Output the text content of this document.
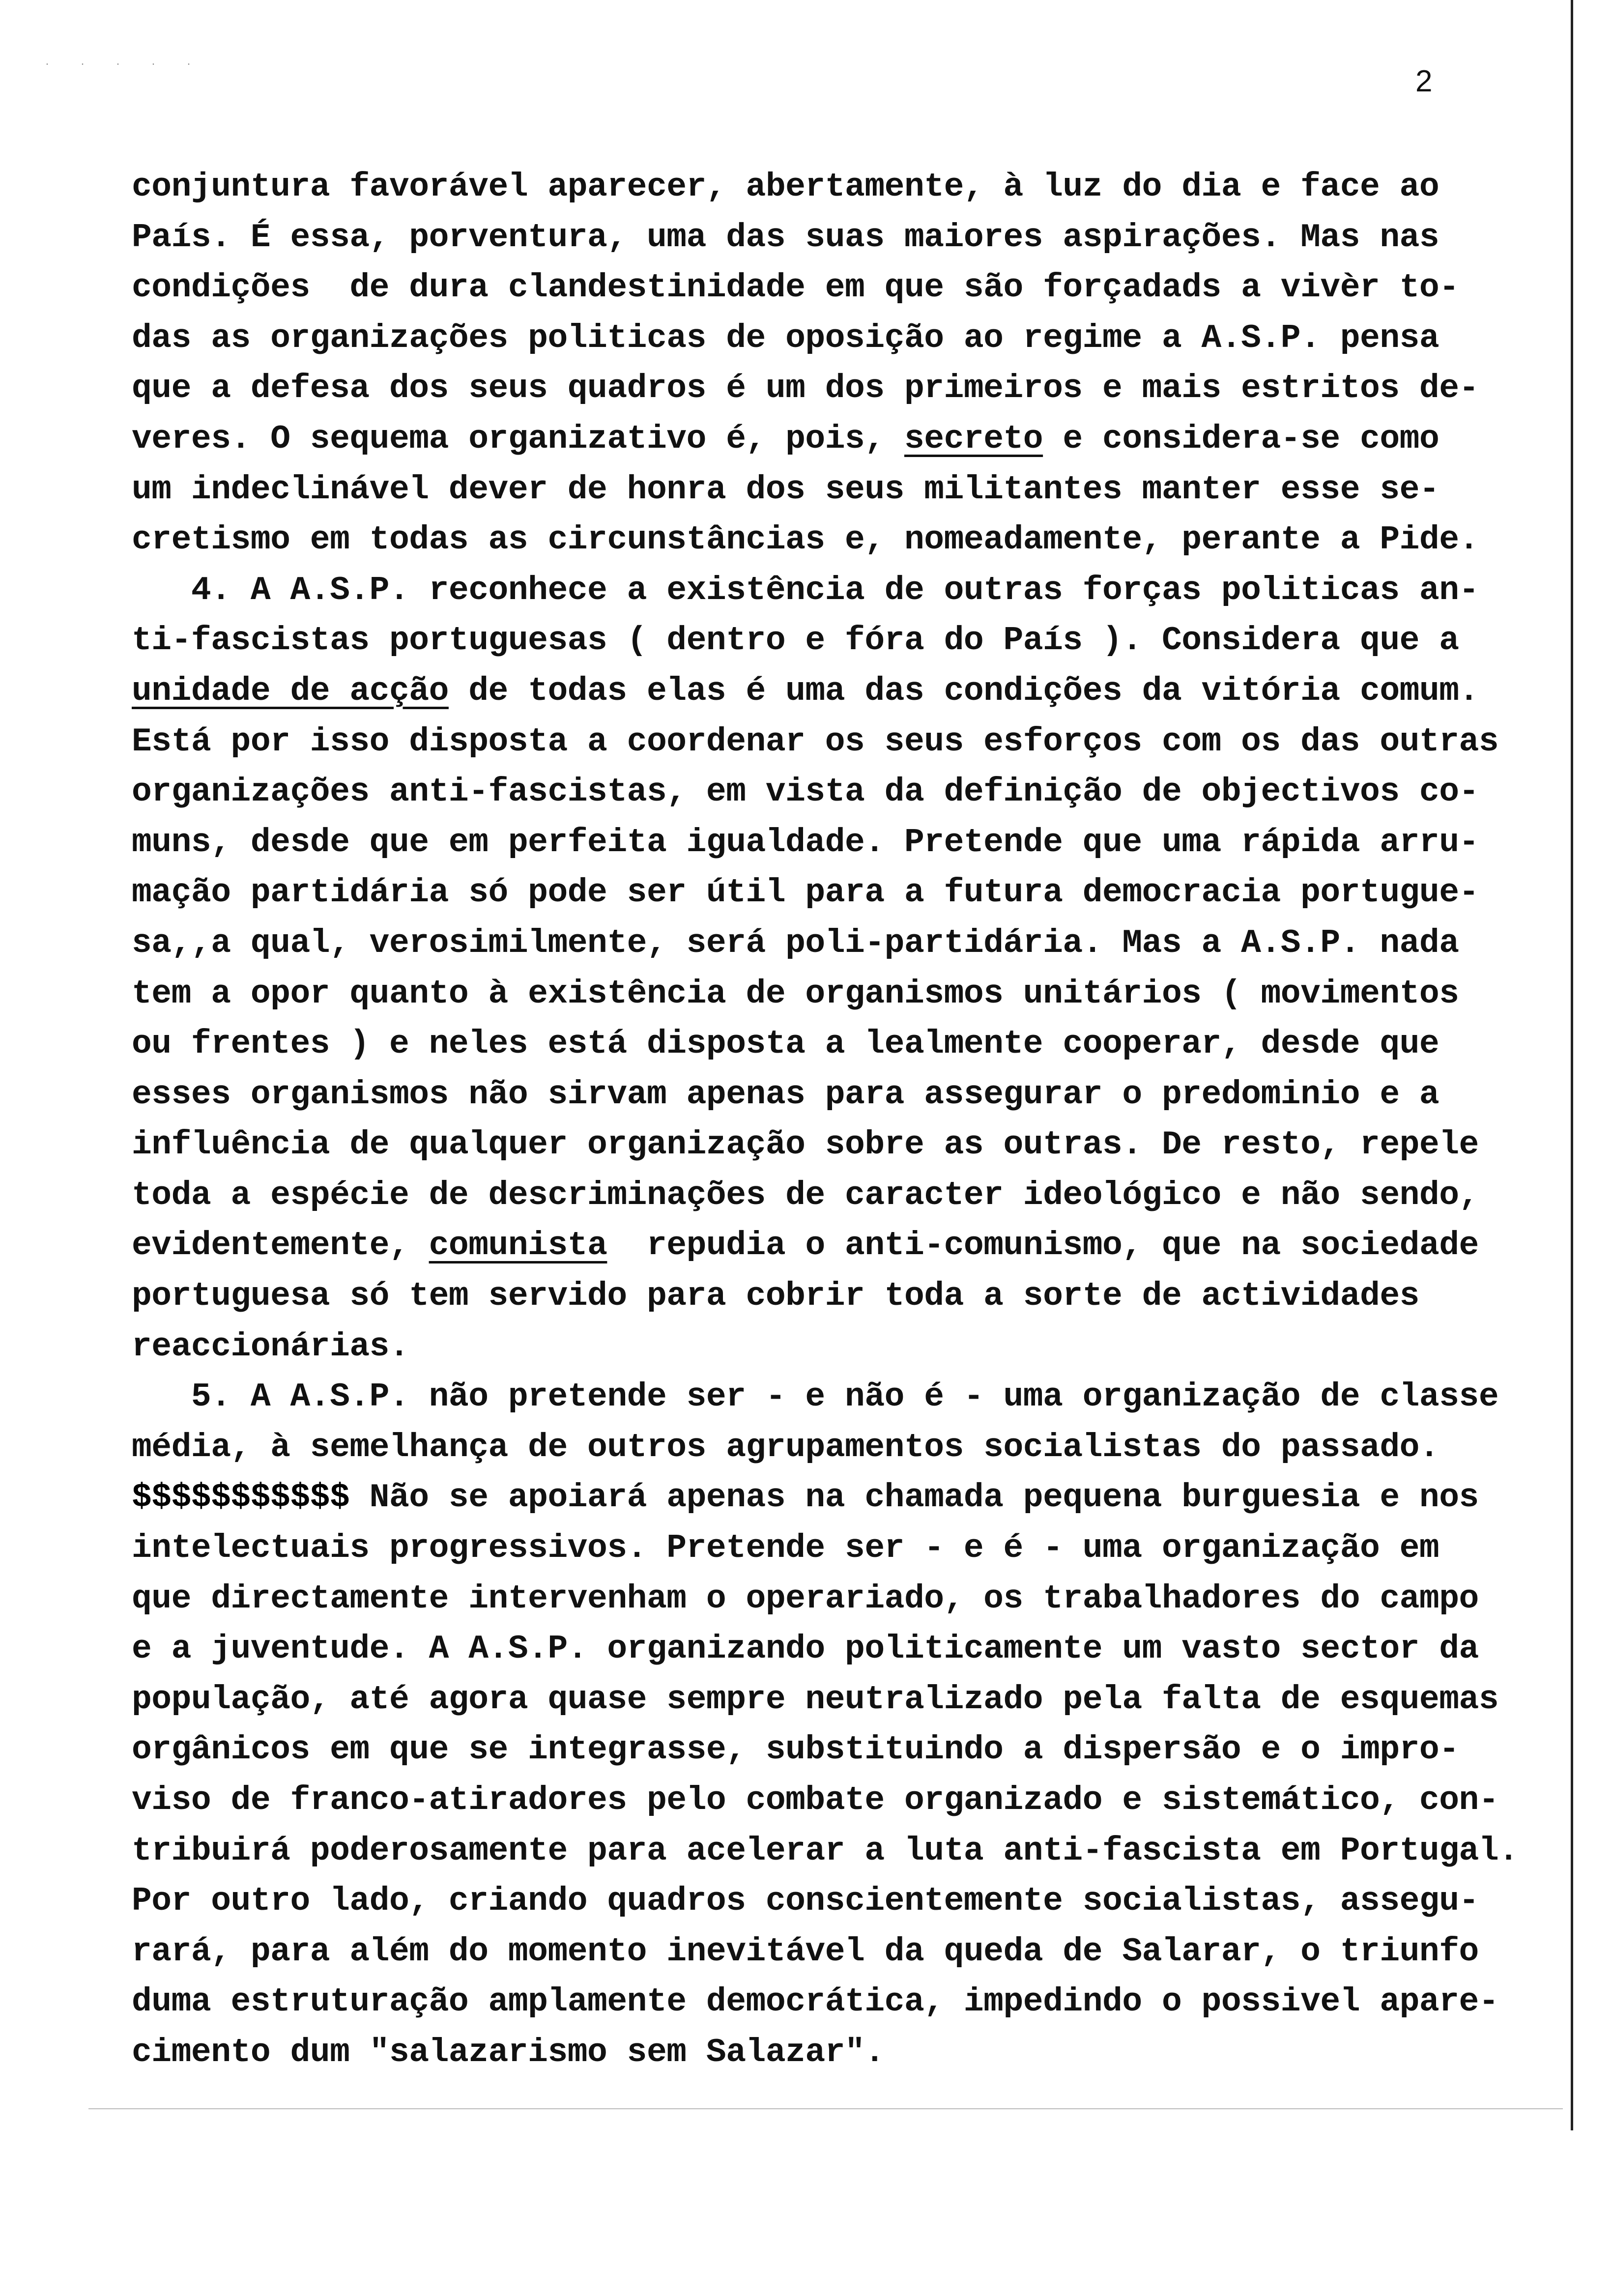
·····	2
conjuntura favorável aparecer, abertamente, à luz do dia e face ao
País. É essa, porventura, uma das suas maiores aspirações. Mas nas
condições  de dura clandestinidade em que são forçadads a vivèr to-
das as organizações politicas de oposição ao regime a A.S.P. pensa
que a defesa dos seus quadros é um dos primeiros e mais estritos de-
veres. O sequema organizativo é, pois, secreto e considera-se como
um indeclinável dever de honra dos seus militantes manter esse se-
cretismo em todas as circunstâncias e, nomeadamente, perante a Pide.
4. A A.S.P. reconhece a existência de outras forças politicas an-
ti-fascistas portuguesas ( dentro e fóra do País ). Considera que a
unidade de acção de todas elas é uma das condições da vitória comum.
Está por isso disposta a coordenar os seus esforços com os das outras
organizações anti-fascistas, em vista da definição de objectivos co-
muns, desde que em perfeita igualdade. Pretende que uma rápida arru-
mação partidária só pode ser útil para a futura democracia portugue-
sa,,a qual, verosimilmente, será poli-partidária. Mas a A.S.P. nada
tem a opor quanto à existência de organismos unitários ( movimentos
ou frentes ) e neles está disposta a lealmente cooperar, desde que
esses organismos não sirvam apenas para assegurar o predominio e a
influência de qualquer organização sobre as outras. De resto, repele
toda a espécie de descriminações de caracter ideológico e não sendo,
evidentemente, comunista  repudia o anti-comunismo, que na sociedade
portuguesa só tem servido para cobrir toda a sorte de actividades
reaccionárias.
5. A A.S.P. não pretende ser - e não é - uma organização de classe
média, à semelhança de outros agrupamentos socialistas do passado.
$$$$$$$$$$$ Não se apoiará apenas na chamada pequena burguesia e nos
intelectuais progressivos. Pretende ser - e é - uma organização em
que directamente intervenham o operariado, os trabalhadores do campo
e a juventude. A A.S.P. organizando politicamente um vasto sector da
população, até agora quase sempre neutralizado pela falta de esquemas
orgânicos em que se integrasse, substituindo a dispersão e o impro-
viso de franco-atiradores pelo combate organizado e sistemático, con-
tribuirá poderosamente para acelerar a luta anti-fascista em Portugal.
Por outro lado, criando quadros conscientemente socialistas, assegu-
rará, para além do momento inevitável da queda de Salarar, o triunfo
duma estruturação amplamente democrática, impedindo o possivel apare-
cimento dum "salazarismo sem Salazar".
